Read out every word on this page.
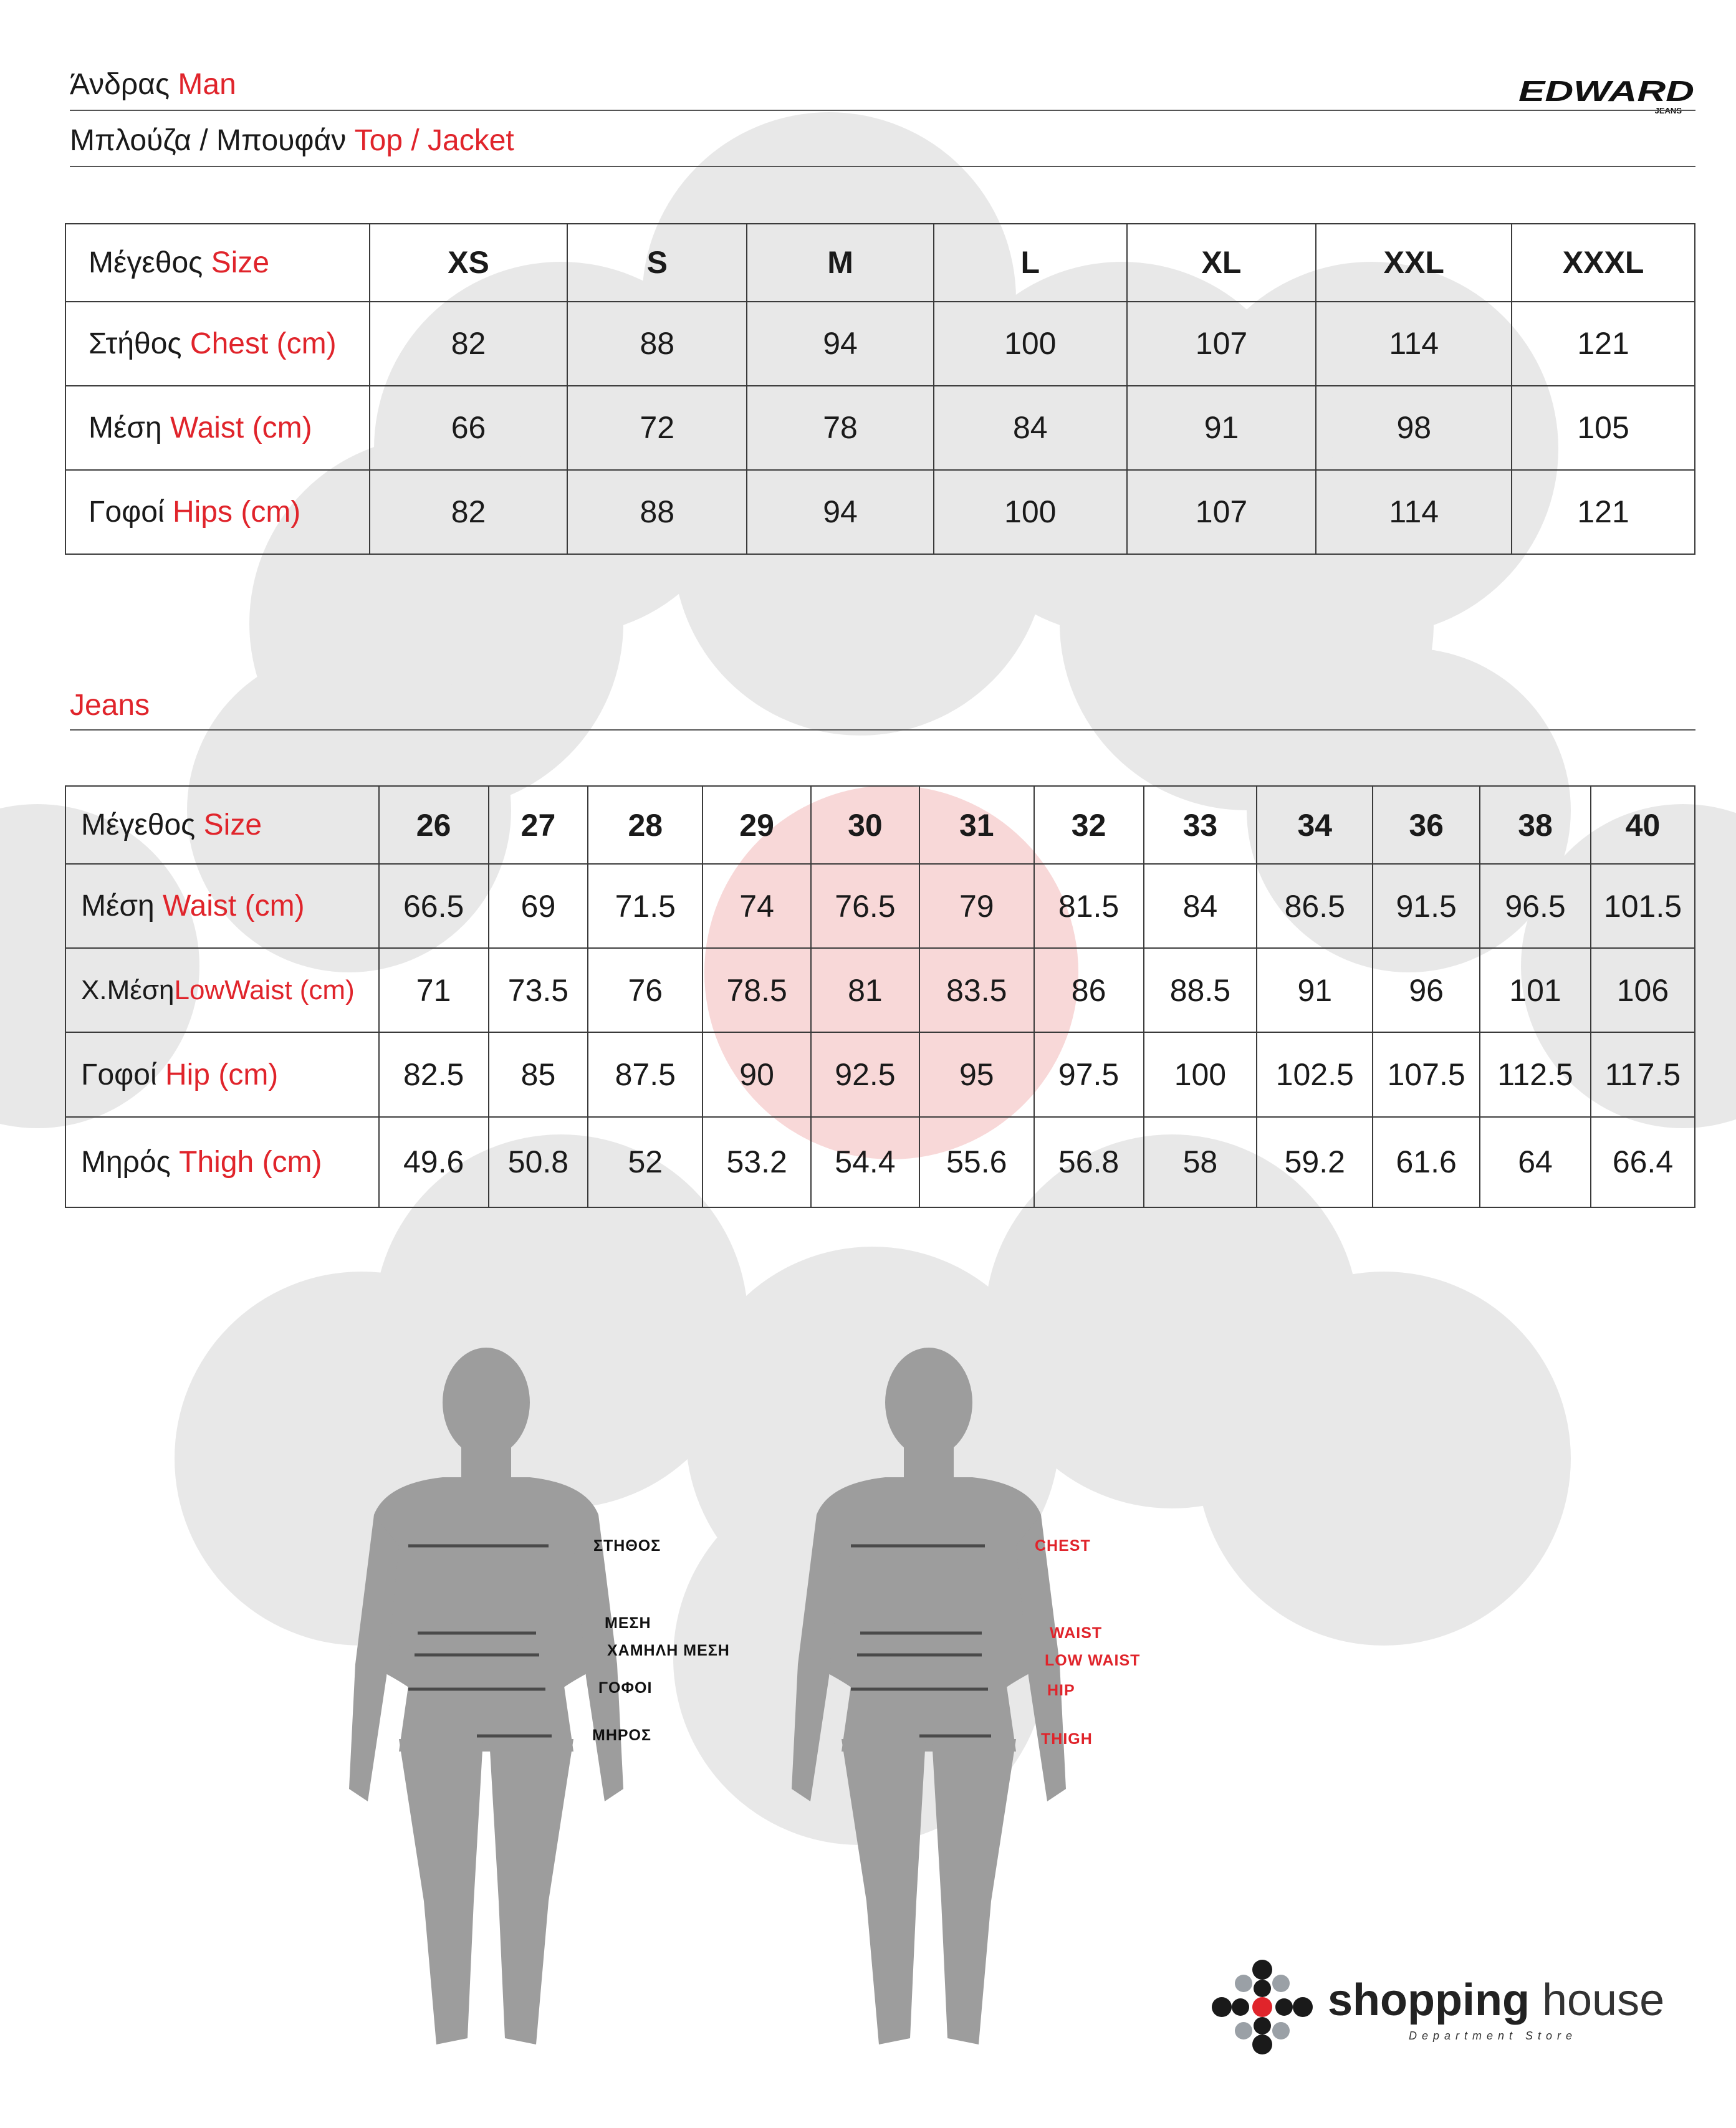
Άνδρας Man	EDWARD
Μπλούζα / Μπουφάν Top / Jacket
Μέγεθος Size	XS	S	M	L	XL	XXL	XXXL
Στήθος Chest (cm)	82	88	94	100	107	114	121
Μέση Waist (cm)	66	72	78	84	91	98	105
Γοφοί Hips (cm)	82	88	94	100	107	114	121
Jeans
Μέγεθος Size	26	27	28	29	30	31	32	33	34	36	38	40
Μέση Waist (cm)	66.5	69	71.5	74	76.5	79	81.5	84	86.5	91.5	96.5	101.5
Χ.ΜέσηLowWaist (cm)	71	73.5	76	78.5	81	83.5	86	88.5	91	96	101	106
Γοφοί Hip (cm)	82.5	85	87.5	90	92.5	95	97.5	100	102.5	107.5	112.5	117.5
Μηρός Thigh (cm)	49.6	50.8	52	53.2	54.4	55.6	56.8	58	59.2	61.6	64	66.4
ΣΤΗΘΟΣ
ΜΕΣΗ
ΧΑΜΗΛΗ ΜΕΣΗ
ΓΟΦΟΙ
ΜΗΡΟΣ
CHEST
WAIST
LOW WAIST
HIP
THIGH
shopping house
Department Store
